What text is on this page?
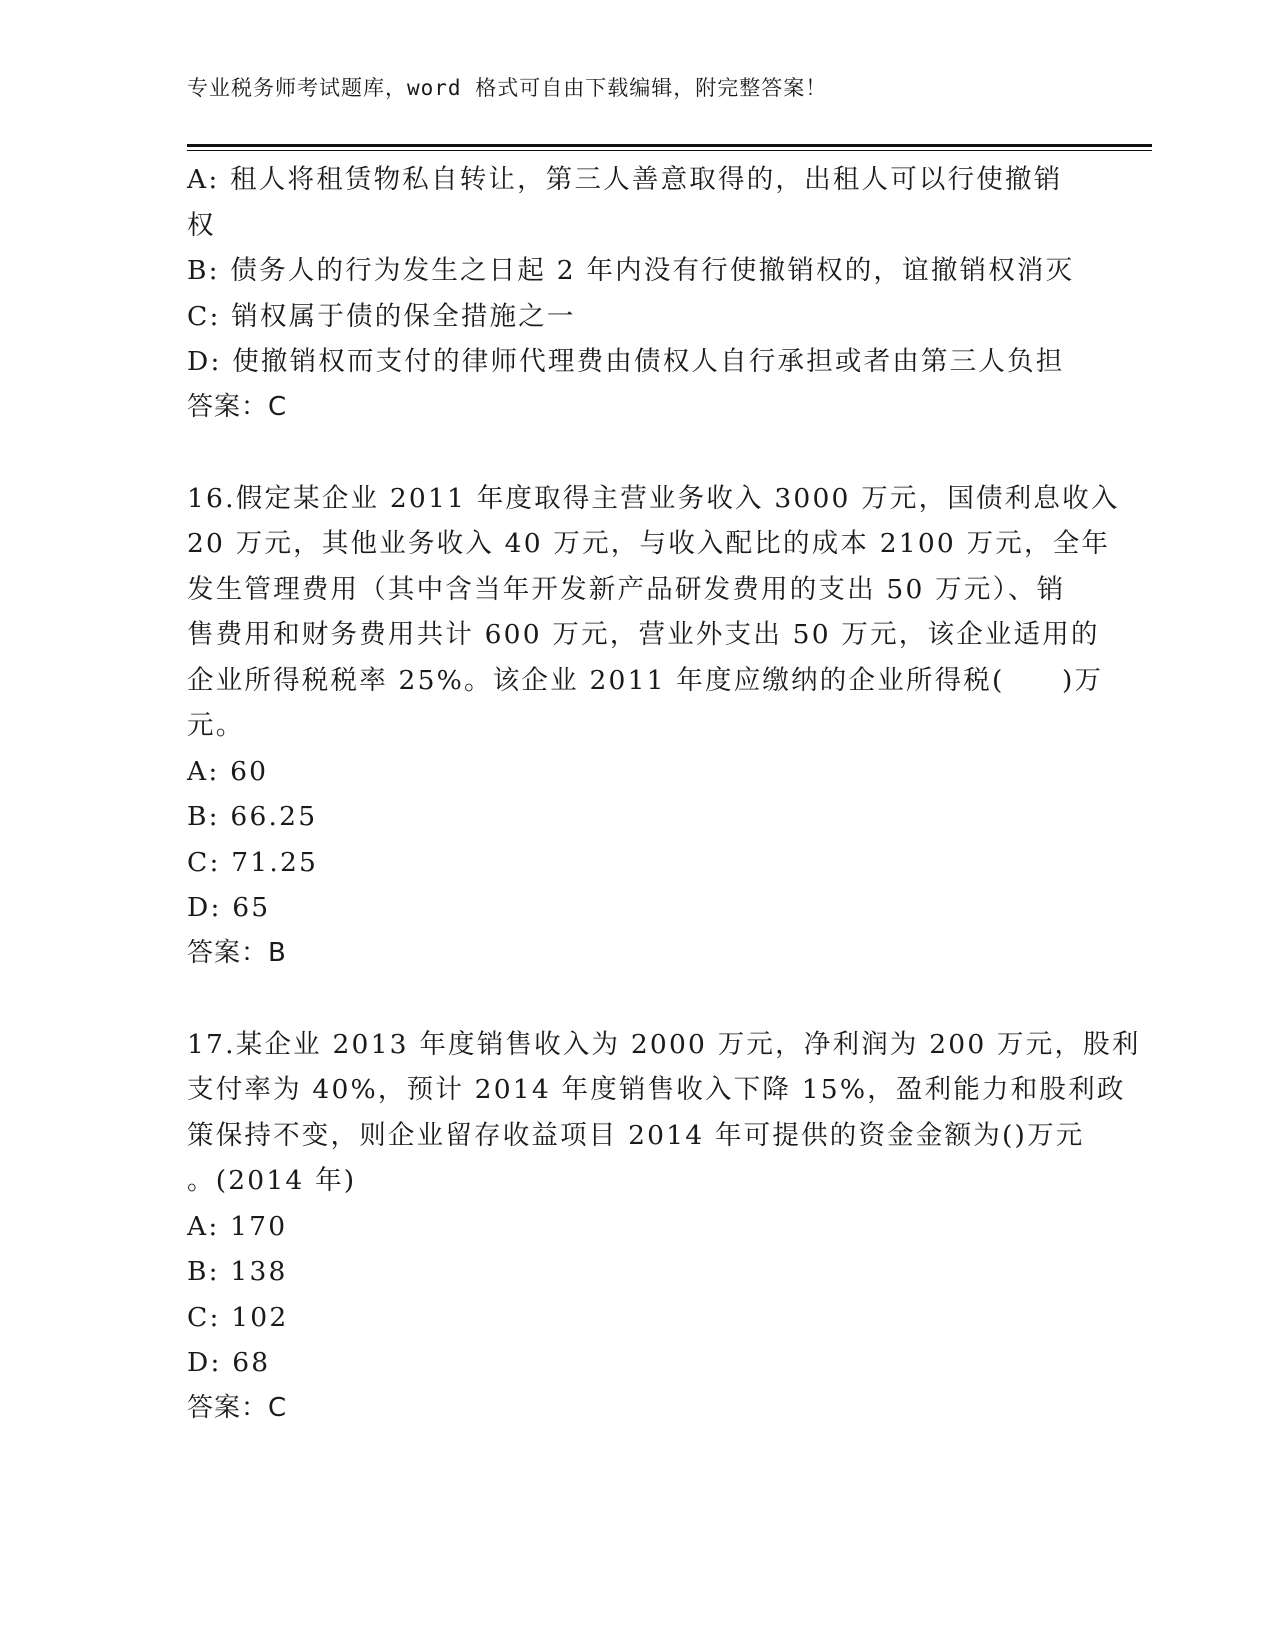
专业税务师考试题库，word 格式可自由下载编辑，附完整答案！
A: 租人将租赁物私自转让，第三人善意取得的，出租人可以行使撤销
权
B: 债务人的行为发生之日起 2 年内没有行使撤销权的，谊撤销权消灭
C: 销权属于债的保全措施之一
D: 使撤销权而支付的律师代理费由债权人自行承担或者由第三人负担
答案：C
16.假定某企业 2011 年度取得主营业务收入 3000 万元，国债利息收入
20 万元，其他业务收入 40 万元，与收入配比的成本 2100 万元，全年
发生管理费用（其中含当年开发新产品研发费用的支出 50 万元）、销
售费用和财务费用共计 600 万元，营业外支出 50 万元，该企业适用的
企业所得税税率 25%。该企业 2011 年度应缴纳的企业所得税(　　)万
元。
A: 60
B: 66.25
C: 71.25
D: 65
答案：B
17.某企业 2013 年度销售收入为 2000 万元，净利润为 200 万元，股利
支付率为 40%，预计 2014 年度销售收入下降 15%，盈利能力和股利政
策保持不变，则企业留存收益项目 2014 年可提供的资金金额为()万元
。(2014 年)
A: 170
B: 138
C: 102
D: 68
答案：C
